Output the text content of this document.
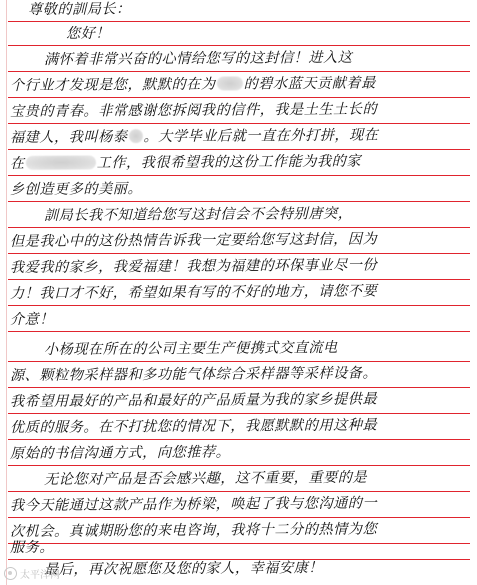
尊敬的訓局长：
您好！
满怀着非常兴奋的心情给您写的这封信！进入这
个行业才发现是您，默默的在为 的碧水蓝天贡献着最
宝贵的青春。非常感谢您拆阅我的信件，我是土生土长的
福建人，我叫杨泰 。大学毕业后就一直在外打拼，现在
在	工作，我很希望我的这份工作能为我的家
乡创造更多的美丽。
訓局长我不知道给您写这封信会不会特别唐突，
但是我心中的这份热情告诉我一定要给您写这封信，因为
我爱我的家乡，我爱福建！我想为福建的环保事业尽一份
力！我口才不好，希望如果有写的不好的地方，请您不要
介意！
小杨现在所在的公司主要生产便携式交直流电
源、颗粒物采样器和多功能气体综合采样器等采样设备。
我希望用最好的产品和最好的产品质量为我的家乡提供最
优质的服务。在不打扰您的情况下，我愿默默的用这种最
原始的书信沟通方式，向您推荐。
无论您对产品是否会感兴趣，这不重要，重要的是
我今天能通过这款产品作为桥梁，唤起了我与您沟通的一
次机会。真诚期盼您的来电咨询，我将十二分的热情为您
服务。
最后，再次祝愿您及您的家人，幸福安康！
太平洋网
